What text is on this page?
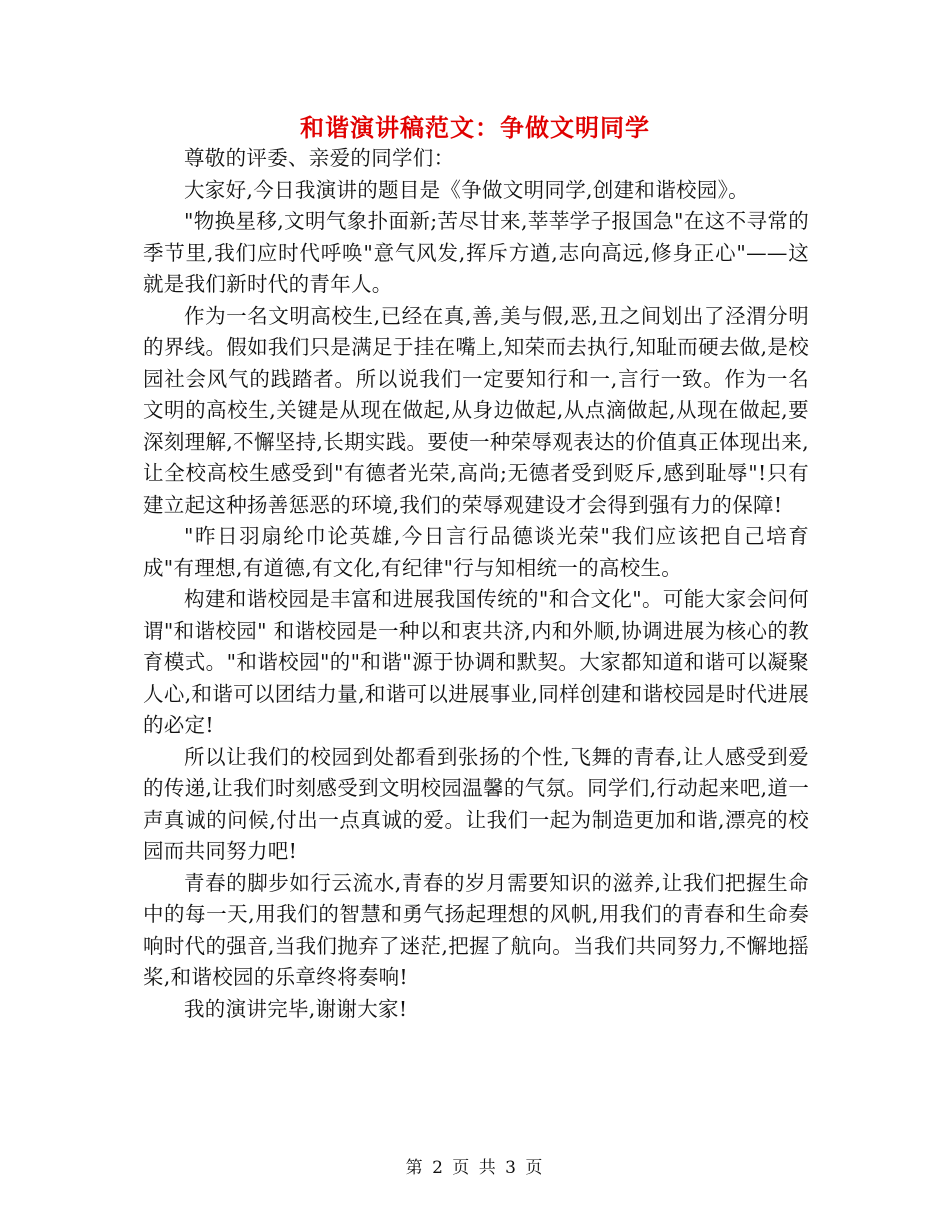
和谐演讲稿范文：争做文明同学

尊敬的评委、亲爱的同学们：

大家好,今日我演讲的题目是《争做文明同学,创建和谐校园》。

"物换星移,文明气象扑面新;苦尽甘来,莘莘学子报国急"在这不寻常的季节里,我们应时代呼唤"意气风发,挥斥方遒,志向高远,修身正心"——这就是我们新时代的青年人。

作为一名文明高校生,已经在真,善,美与假,恶,丑之间划出了泾渭分明的界线。假如我们只是满足于挂在嘴上,知荣而去执行,知耻而硬去做,是校园社会风气的践踏者。所以说我们一定要知行和一,言行一致。作为一名文明的高校生,关键是从现在做起,从身边做起,从点滴做起,从现在做起,要深刻理解,不懈坚持,长期实践。要使一种荣辱观表达的价值真正体现出来,让全校高校生感受到"有德者光荣,高尚;无德者受到贬斥,感到耻辱"!只有建立起这种扬善惩恶的环境,我们的荣辱观建设才会得到强有力的保障!

"昨日羽扇纶巾论英雄,今日言行品德谈光荣"我们应该把自己培育成"有理想,有道德,有文化,有纪律"行与知相统一的高校生。

构建和谐校园是丰富和进展我国传统的"和合文化"。可能大家会问何谓"和谐校园" 和谐校园是一种以和衷共济,内和外顺,协调进展为核心的教育模式。"和谐校园"的"和谐"源于协调和默契。大家都知道和谐可以凝聚人心,和谐可以团结力量,和谐可以进展事业,同样创建和谐校园是时代进展的必定!

所以让我们的校园到处都看到张扬的个性,飞舞的青春,让人感受到爱的传递,让我们时刻感受到文明校园温馨的气氛。同学们,行动起来吧,道一声真诚的问候,付出一点真诚的爱。让我们一起为制造更加和谐,漂亮的校园而共同努力吧!

青春的脚步如行云流水,青春的岁月需要知识的滋养,让我们把握生命中的每一天,用我们的智慧和勇气扬起理想的风帆,用我们的青春和生命奏响时代的强音,当我们抛弃了迷茫,把握了航向。当我们共同努力,不懈地摇桨,和谐校园的乐章终将奏响!

我的演讲完毕,谢谢大家!

第 2 页 共 3 页
